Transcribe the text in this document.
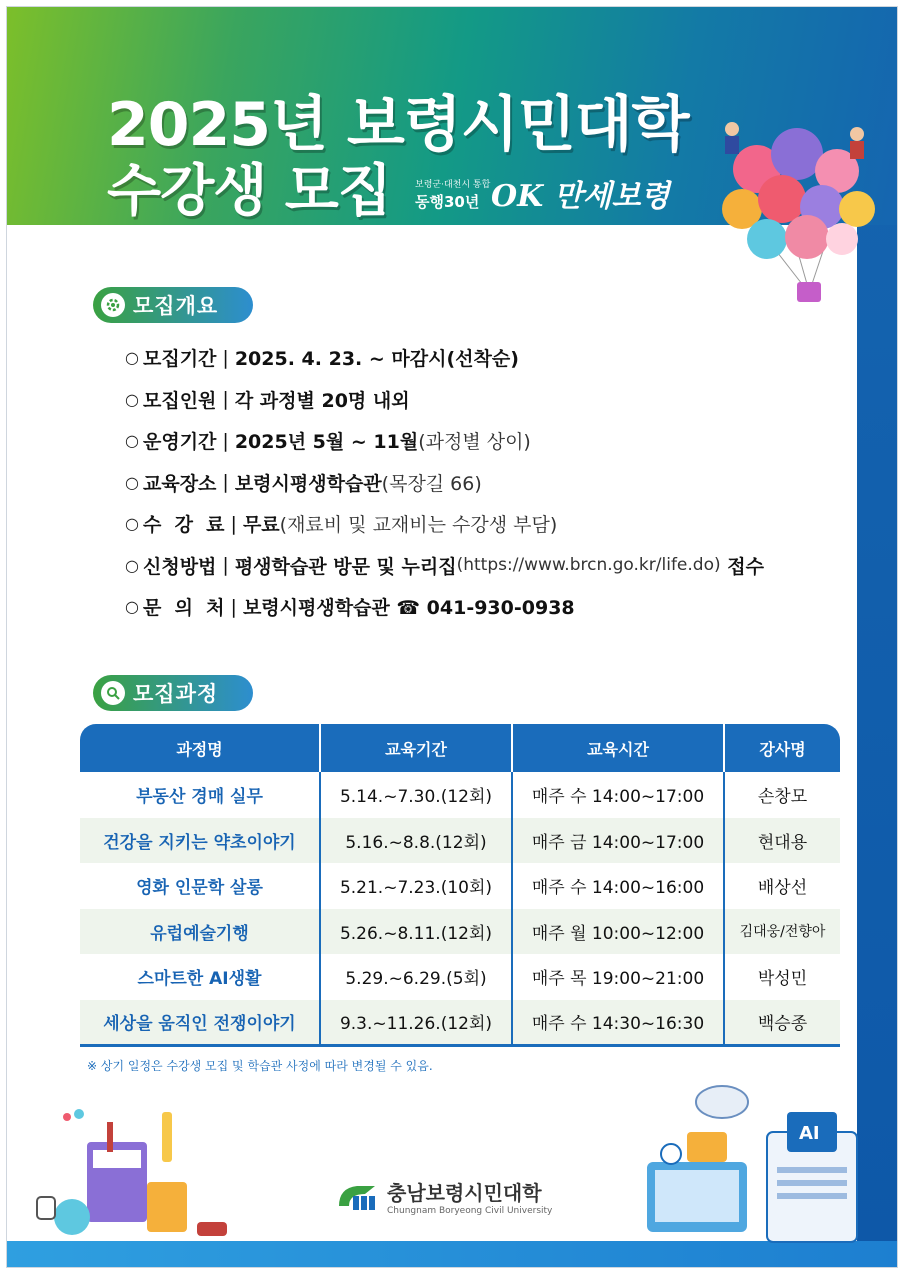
2025년 보령시민대학
수강생 모집	보령군·대천시 통합
동행30년 OK 만세보령
모집개요
○ 모집기간 | 2025. 4. 23. ~ 마감시(선착순)
○ 모집인원 | 각 과정별 20명 내외
○ 운영기간 | 2025년 5월 ~ 11월 (과정별 상이)
○ 교육장소 | 보령시평생학습관 (목장길 66)
○ 수  강  료 | 무료 (재료비 및 교재비는 수강생 부담)
○ 신청방법 | 평생학습관 방문 및 누리집 (https://www.brcn.go.kr/life.do) 접수
○ 문  의  처 | 보령시평생학습관 ☎ 041-930-0938
모집과정
과정명	교육기간	교육시간	강사명
부동산 경매 실무	5.14.~7.30.(12회)	매주 수 14:00~17:00	손창모
건강을 지키는 약초이야기	5.16.~8.8.(12회)	매주 금 14:00~17:00	현대용
영화 인문학 살롱	5.21.~7.23.(10회)	매주 수 14:00~16:00	배상선
유럽예술기행	5.26.~8.11.(12회)	매주 월 10:00~12:00	김대웅/전향아
스마트한 AI생활	5.29.~6.29.(5회)	매주 목 19:00~21:00	박성민
세상을 움직인 전쟁이야기	9.3.~11.26.(12회)	매주 수 14:30~16:30	백승종
※ 상기 일정은 수강생 모집 및 학습관 사정에 따라 변경될 수 있음.
충남보령시민대학
Chungnam Boryeong Civil University
AI
